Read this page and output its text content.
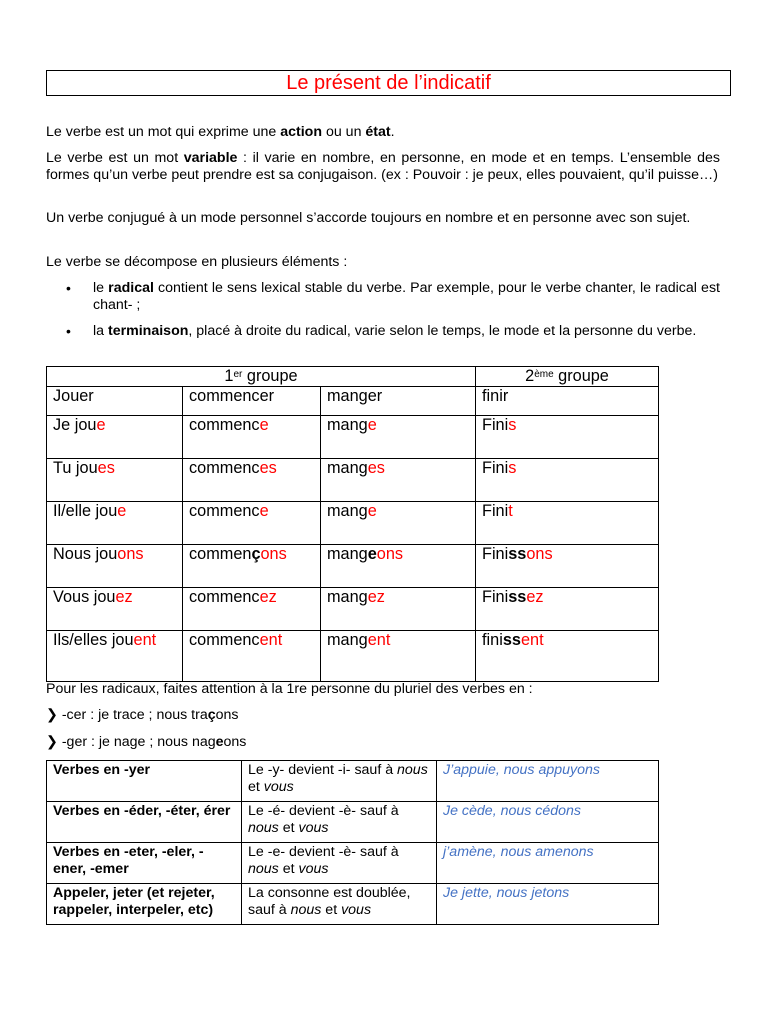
Le présent de l’indicatif
Le verbe est un mot qui exprime une action ou un état.
Le verbe est un mot variable : il varie en nombre, en personne, en mode et en temps. L’ensemble des formes qu’un verbe peut prendre est sa conjugaison. (ex : Pouvoir : je peux, elles pouvaient, qu’il puisse…)
Un verbe conjugué à un mode personnel s’accorde toujours en nombre et en personne avec son sujet.
Le verbe se décompose en plusieurs éléments :
• le radical contient le sens lexical stable du verbe. Par exemple, pour le verbe chanter, le radical est chant- ;
• la terminaison, placé à droite du radical, varie selon le temps, le mode et la personne du verbe.
1er groupe			2ème groupe
Jouer	commencer	manger	finir
Je joue	commence	mange	Finis
Tu joues	commences	manges	Finis
Il/elle joue	commence	mange	Finit
Nous jouons	commençons	mangeons	Finissons
Vous jouez	commencez	mangez	Finissez
Ils/elles jouent	commencent	mangent	finissent
Pour les radicaux, faites attention à la 1re personne du pluriel des verbes en :
❯ -cer : je trace ; nous traçons
❯ -ger : je nage ; nous nageons
Verbes en -yer	Le -y- devient -i- sauf à nous et vous	J’appuie, nous appuyons
Verbes en -éder, -éter, érer	Le -é- devient -è- sauf à nous et vous	Je cède, nous cédons
Verbes en -eter, -eler, -ener, -emer	Le -e- devient -è- sauf à nous et vous	j’amène, nous amenons
Appeler, jeter (et rejeter, rappeler, interpeler, etc)	La consonne est doublée, sauf à nous et vous	Je jette, nous jetons
